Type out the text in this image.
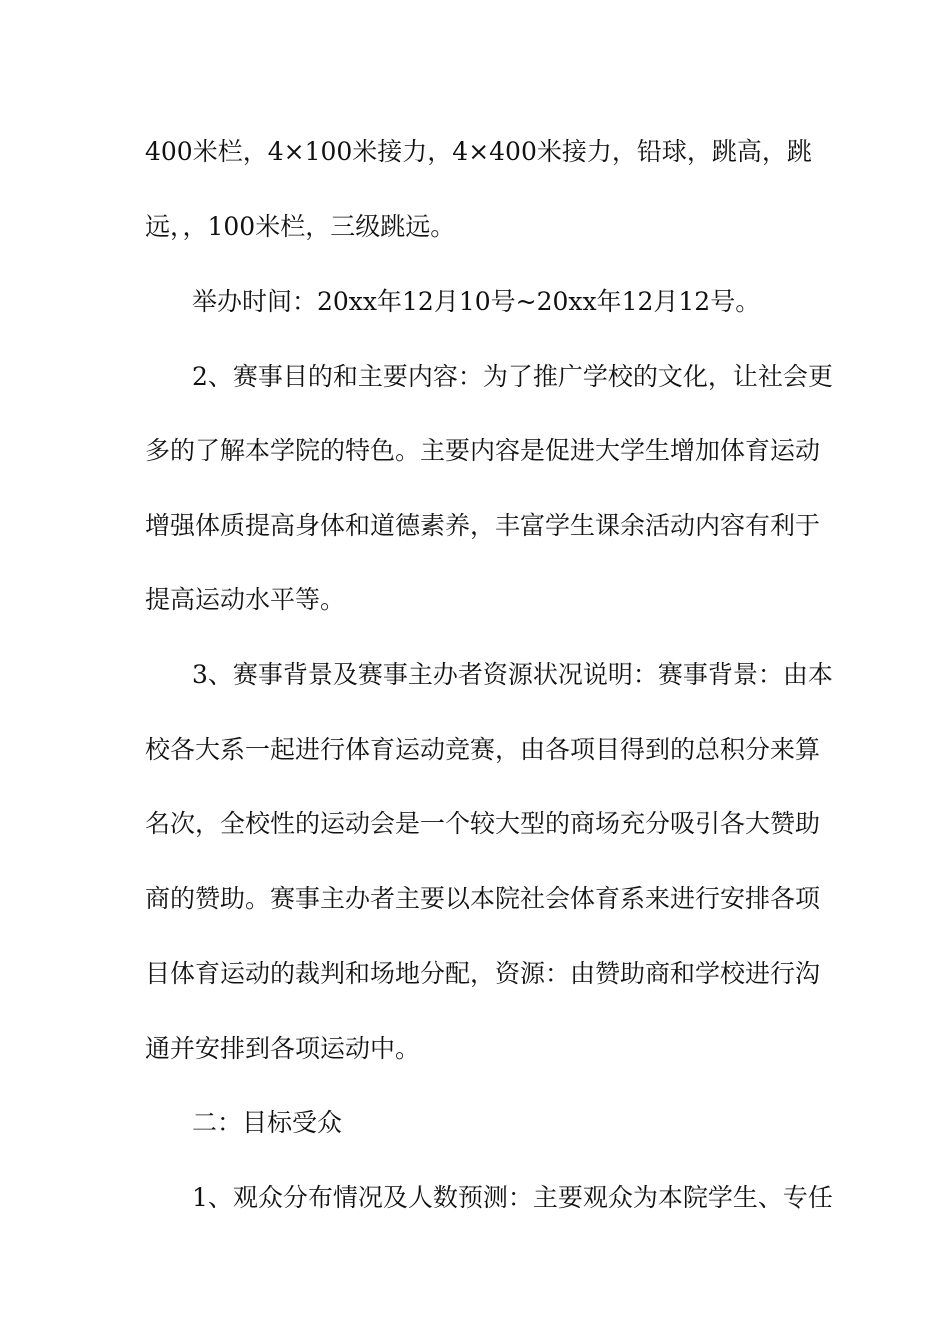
400米栏，4×100米接力，4×400米接力，铅球，跳高，跳
远，，100米栏，三级跳远。
举办时间：20xx年12月10号~20xx年12月12号。
2、赛事目的和主要内容：为了推广学校的文化，让社会更
多的了解本学院的特色。主要内容是促进大学生增加体育运动
增强体质提高身体和道德素养，丰富学生课余活动内容有利于
提高运动水平等。
3、赛事背景及赛事主办者资源状况说明：赛事背景：由本
校各大系一起进行体育运动竞赛，由各项目得到的总积分来算
名次，全校性的运动会是一个较大型的商场充分吸引各大赞助
商的赞助。赛事主办者主要以本院社会体育系来进行安排各项
目体育运动的裁判和场地分配，资源：由赞助商和学校进行沟
通并安排到各项运动中。
二：目标受众
1、观众分布情况及人数预测：主要观众为本院学生、专任
